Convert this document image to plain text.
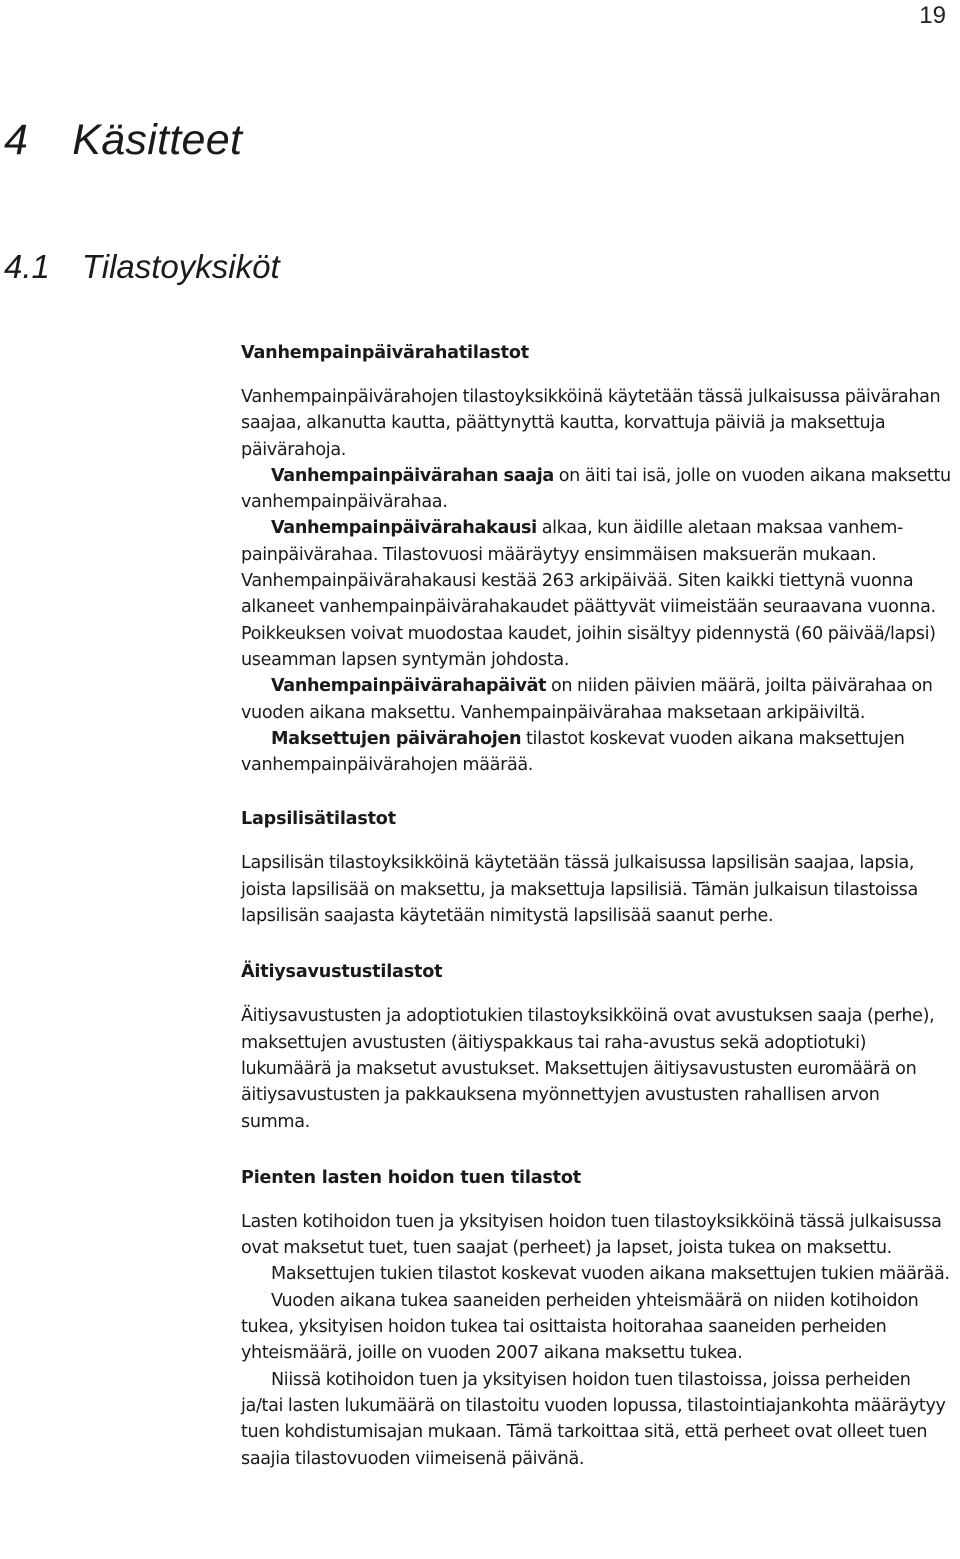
19
4 Käsitteet
4.1 Tilastoyksiköt
Vanhempainpäivärahatilastot

Vanhempainpäivärahojen tilastoyksikköinä käytetään tässä julkaisussa päivärahan saajaa, alkanutta kautta, päättynyttä kautta, korvattuja päiviä ja maksettuja päivärahoja.

Vanhempainpäivärahan saaja on äiti tai isä, jolle on vuoden aikana maksettu vanhempainpäivärahaa.

Vanhempainpäivärahakausi alkaa, kun äidille aletaan maksaa vanhempainpäivärahaa. Tilastovuosi määräytyy ensimmäisen maksuerän mukaan. Vanhempainpäivärahakausi kestää 263 arkipäivää. Siten kaikki tiettynä vuonna alkaneet vanhempainpäivärahakaudet päättyvät viimeistään seuraavana vuonna. Poikkeuksen voivat muodostaa kaudet, joihin sisältyy pidennystä (60 päivää/lapsi) useamman lapsen syntymän johdosta.

Vanhempainpäivärahapäivät on niiden päivien määrä, joilta päivärahaa on vuoden aikana maksettu. Vanhempainpäivärahaa maksetaan arkipäiviltä.

Maksettujen päivärahojen tilastot koskevat vuoden aikana maksettujen vanhempainpäivärahojen määrää.

Lapsilisätilastot

Lapsilisän tilastoyksikköinä käytetään tässä julkaisussa lapsilisän saajaa, lapsia, joista lapsilisää on maksettu, ja maksettuja lapsilisiä. Tämän julkaisun tilastoissa lapsilisän saajasta käytetään nimitystä lapsilisää saanut perhe.

Äitiysavustustilastot

Äitiysavustusten ja adoptiotukien tilastoyksikköinä ovat avustuksen saaja (perhe), maksettujen avustusten (äitiyspakkaus tai raha-avustus sekä adoptiotuki) lukumäärä ja maksetut avustukset. Maksettujen äitiysavustusten euromäärä on äitiysavustusten ja pakkauksena myönnettyjen avustusten rahallisen arvon summa.

Pienten lasten hoidon tuen tilastot

Lasten kotihoidon tuen ja yksityisen hoidon tuen tilastoyksikköinä tässä julkaisussa ovat maksetut tuet, tuen saajat (perheet) ja lapset, joista tukea on maksettu.

Maksettujen tukien tilastot koskevat vuoden aikana maksettujen tukien määrää.

Vuoden aikana tukea saaneiden perheiden yhteismäärä on niiden kotihoidon tukea, yksityisen hoidon tukea tai osittaista hoitorahaa saaneiden perheiden yhteismäärä, joille on vuoden 2007 aikana maksettu tukea.

Niissä kotihoidon tuen ja yksityisen hoidon tuen tilastoissa, joissa perheiden ja/tai lasten lukumäärä on tilastoitu vuoden lopussa, tilastointiajankohta määräytyy tuen kohdistumisajan mukaan. Tämä tarkoittaa sitä, että perheet ovat olleet tuen saajia tilastovuoden viimeisenä päivänä.
